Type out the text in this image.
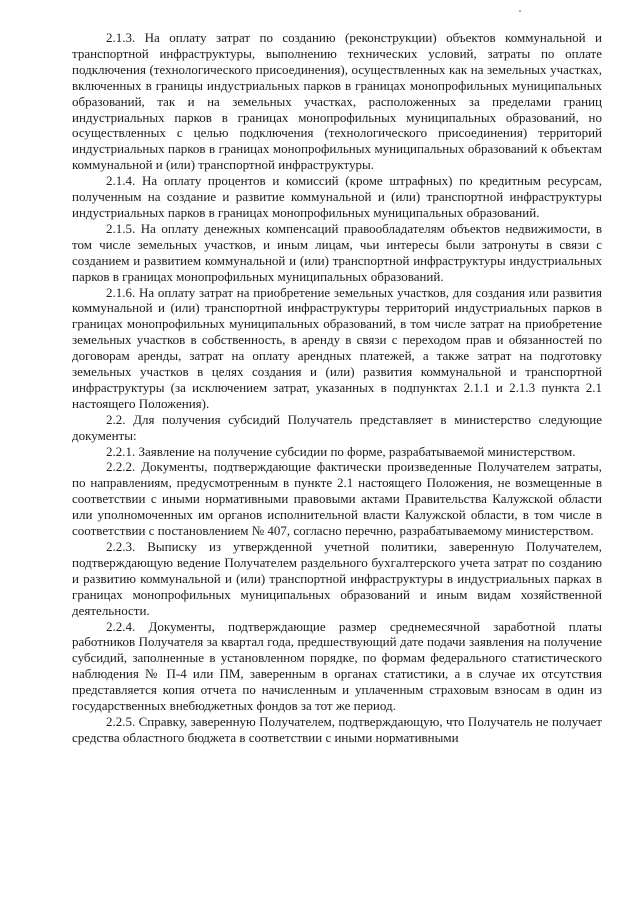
2.1.3. На оплату затрат по созданию (реконструкции) объектов коммунальной и транспортной инфраструктуры, выполнению технических условий, затраты по оплате подключения (технологического присоединения), осуществленных как на земельных участках, включенных в границы индустриальных парков в границах монопрофильных муниципальных образований, так и на земельных участках, расположенных за пределами границ индустриальных парков в границах монопрофильных муниципальных образований, но осуществленных с целью подключения (технологического присоединения) территорий индустриальных парков в границах монопрофильных муниципальных образований к объектам коммунальной и (или) транспортной инфраструктуры.

2.1.4. На оплату процентов и комиссий (кроме штрафных) по кредитным ресурсам, полученным на создание и развитие коммунальной и (или) транспортной инфраструктуры индустриальных парков в границах монопрофильных муниципальных образований.

2.1.5. На оплату денежных компенсаций правообладателям объектов недвижимости, в том числе земельных участков, и иным лицам, чьи интересы были затронуты в связи с созданием и развитием коммунальной и (или) транспортной инфраструктуры индустриальных парков в границах монопрофильных муниципальных образований.

2.1.6. На оплату затрат на приобретение земельных участков, для создания или развития коммунальной и (или) транспортной инфраструктуры территорий индустриальных парков в границах монопрофильных муниципальных образований, в том числе затрат на приобретение земельных участков в собственность, в аренду в связи с переходом прав и обязанностей по договорам аренды, затрат на оплату арендных платежей, а также затрат на подготовку земельных участков в целях создания и (или) развития коммунальной и транспортной инфраструктуры (за исключением затрат, указанных в подпунктах 2.1.1 и 2.1.3 пункта 2.1 настоящего Положения).

2.2. Для получения субсидий Получатель представляет в министерство следующие документы:

2.2.1. Заявление на получение субсидии по форме, разрабатываемой министерством.

2.2.2. Документы, подтверждающие фактически произведенные Получателем затраты, по направлениям, предусмотренным в пункте 2.1 настоящего Положения, не возмещенные в соответствии с иными нормативными правовыми актами Правительства Калужской области или уполномоченных им органов исполнительной власти Калужской области, в том числе в соответствии с постановлением № 407, согласно перечню, разрабатываемому министерством.

2.2.3. Выписку из утвержденной учетной политики, заверенную Получателем, подтверждающую ведение Получателем раздельного бухгалтерского учета затрат по созданию и развитию коммунальной и (или) транспортной инфраструктуры в индустриальных парках в границах монопрофильных муниципальных образований и иным видам хозяйственной деятельности.

2.2.4. Документы, подтверждающие размер среднемесячной заработной платы работников Получателя за квартал года, предшествующий дате подачи заявления на получение субсидий, заполненные в установленном порядке, по формам федерального статистического наблюдения № П-4 или ПМ, заверенным в органах статистики, а в случае их отсутствия представляется копия отчета по начисленным и уплаченным страховым взносам в один из государственных внебюджетных фондов за тот же период.

2.2.5. Справку, заверенную Получателем, подтверждающую, что Получатель не получает средства областного бюджета в соответствии с иными нормативными
